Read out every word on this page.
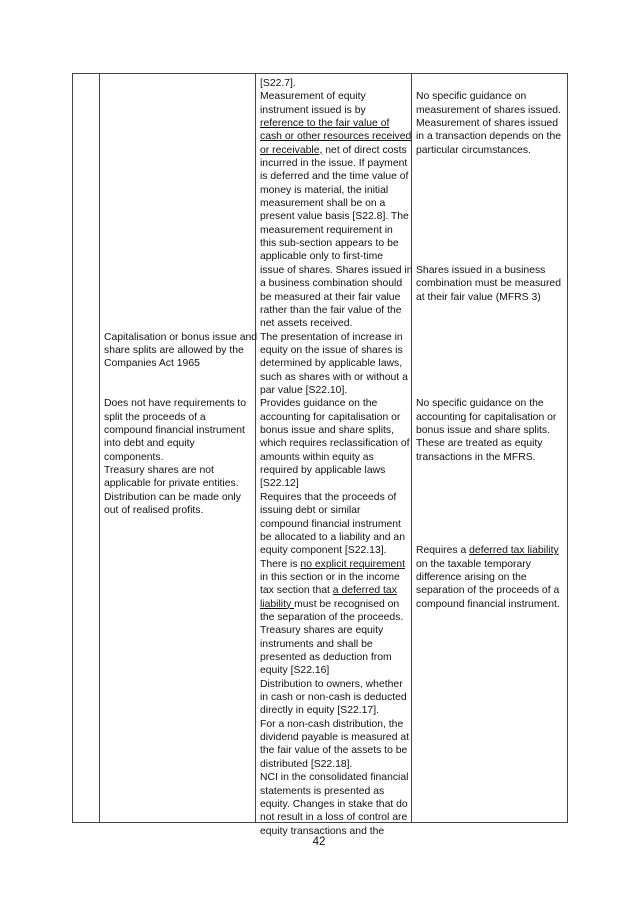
Capitalisation or bonus issue and
share splits are allowed by the
Companies Act 1965
Does not have requirements to
split the proceeds of a
compound financial instrument
into debt and equity
components.
Treasury shares are not
applicable for private entities.
Distribution can be made only
out of realised profits.
[S22.7].
Measurement of equity
instrument issued is by
reference to the fair value of
cash or other resources received
or receivable, net of direct costs
incurred in the issue. If payment
is deferred and the time value of
money is material, the initial
measurement shall be on a
present value basis [S22.8]. The
measurement requirement in
this sub-section appears to be
applicable only to first-time
issue of shares. Shares issued in
a business combination should
be measured at their fair value
rather than the fair value of the
net assets received.
The presentation of increase in
equity on the issue of shares is
determined by applicable laws,
such as shares with or without a
par value [S22.10].
Provides guidance on the
accounting for capitalisation or
bonus issue and share splits,
which requires reclassification of
amounts within equity as
required by applicable laws
[S22.12]
Requires that the proceeds of
issuing debt or similar
compound financial instrument
be allocated to a liability and an
equity component [S22.13].
There is no explicit requirement
in this section or in the income
tax section that a deferred tax
liability must be recognised on
the separation of the proceeds.
Treasury shares are equity
instruments and shall be
presented as deduction from
equity [S22.16]
Distribution to owners, whether
in cash or non-cash is deducted
directly in equity [S22.17].
For a non-cash distribution, the
dividend payable is measured at
the fair value of the assets to be
distributed [S22.18].
NCI in the consolidated financial
statements is presented as
equity. Changes in stake that do
not result in a loss of control are
equity transactions and the
No specific guidance on
measurement of shares issued.
Measurement of shares issued
in a transaction depends on the
particular circumstances.
Shares issued in a business
combination must be measured
at their fair value (MFRS 3)
No specific guidance on the
accounting for capitalisation or
bonus issue and share splits.
These are treated as equity
transactions in the MFRS.
Requires a deferred tax liability
on the taxable temporary
difference arising on the
separation of the proceeds of a
compound financial instrument.
42
